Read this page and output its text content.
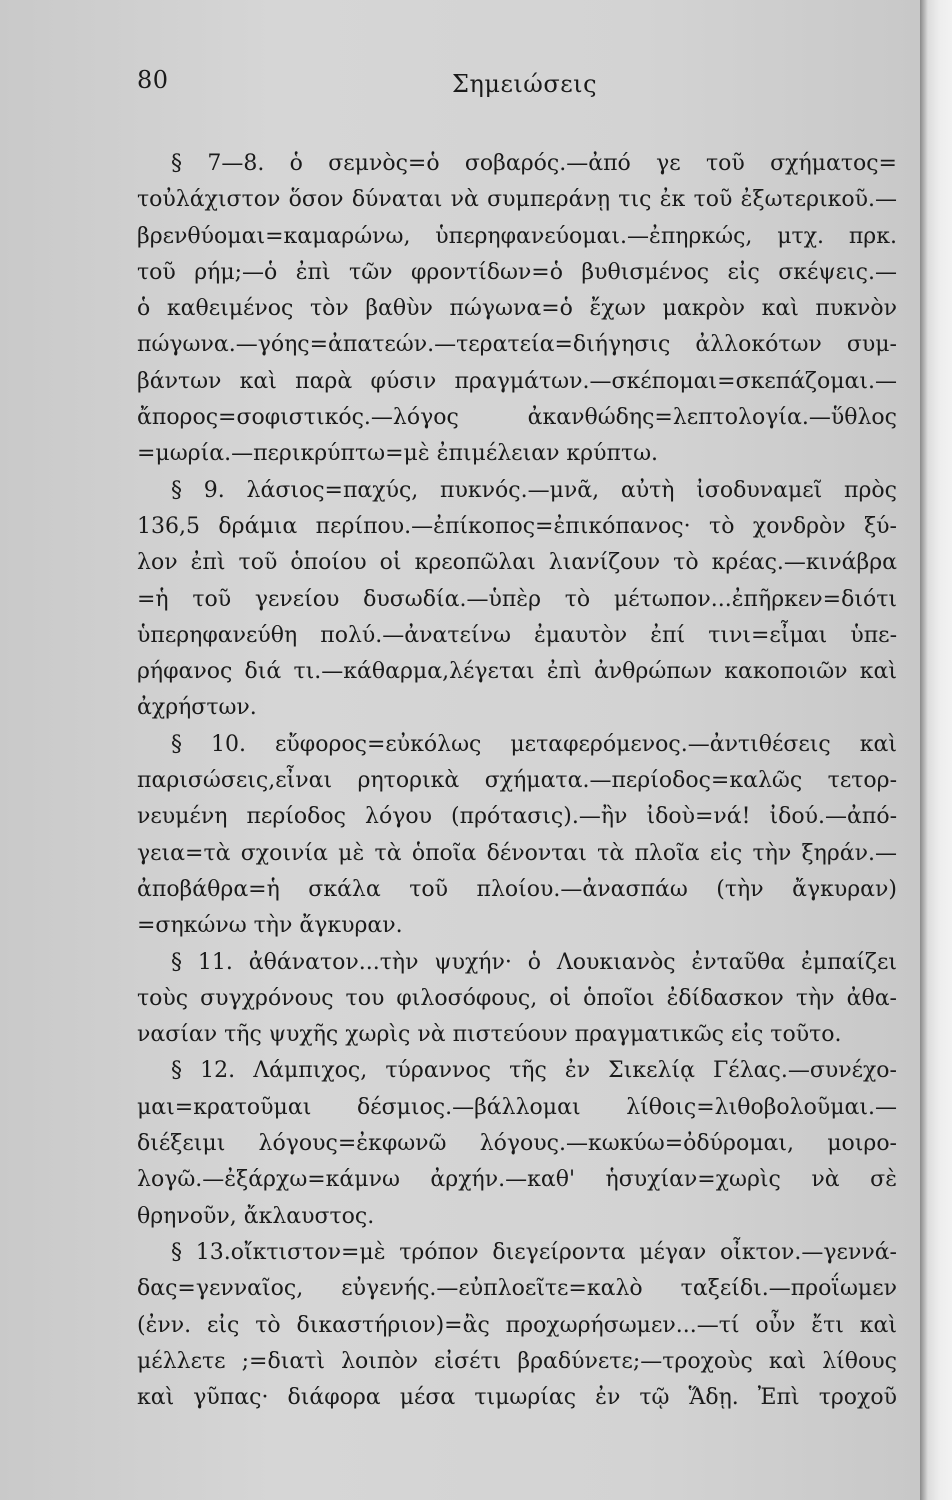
80	Σημειώσεις
§ 7—8. ὁ σεμνὸς=ὁ σοβαρός.—ἀπό γε τοῦ σχήματος=
τοὐλάχιστον ὅσον δύναται νὰ συμπεράνῃ τις ἐκ τοῦ ἐξωτερικοῦ.—
βρενθύομαι=καμαρώνω, ὑπερηφανεύομαι.—ἐπηρκώς, μτχ. πρκ.
τοῦ ρήμ;—ὁ ἐπὶ τῶν φροντίδων=ὁ βυθισμένος εἰς σκέψεις.—
ὁ καθειμένος τὸν βαθὺν πώγωνα=ὁ ἔχων μακρὸν καὶ πυκνὸν
πώγωνα.—γόης=ἀπατεών.—τερατεία=διήγησις ἀλλοκότων συμ-
βάντων καὶ παρὰ φύσιν πραγμάτων.—σκέπομαι=σκεπάζομαι.—
ἄπορος=σοφιστικός.—λόγος ἀκανθώδης=λεπτολογία.—ὕθλος
=μωρία.—περικρύπτω=μὲ ἐπιμέλειαν κρύπτω.
§ 9. λάσιος=παχύς, πυκνός.—μνᾶ, αὐτὴ ἰσοδυναμεῖ πρὸς
136,5 δράμια περίπου.—ἐπίκοπος=ἐπικόπανος· τὸ χονδρὸν ξύ-
λον ἐπὶ τοῦ ὁποίου οἱ κρεοπῶλαι λιανίζουν τὸ κρέας.—κινάβρα
=ἡ τοῦ γενείου δυσωδία.—ὑπὲρ τὸ μέτωπον...ἐπῆρκεν=διότι
ὑπερηφανεύθη πολύ.—ἀνατείνω ἐμαυτὸν ἐπί τινι=εἶμαι ὑπε-
ρήφανος διά τι.—κάθαρμα,λέγεται ἐπὶ ἀνθρώπων κακοποιῶν καὶ
ἀχρήστων.
§ 10. εὔφορος=εὐκόλως μεταφερόμενος.—ἀντιθέσεις καὶ
παρισώσεις,εἶναι ρητορικὰ σχήματα.—περίοδος=καλῶς τετορ-
νευμένη περίοδος λόγου (πρότασις).—ἢν ἰδοὺ=νά! ἰδού.—ἀπό-
γεια=τὰ σχοινία μὲ τὰ ὁποῖα δένονται τὰ πλοῖα εἰς τὴν ξηράν.—
ἀποβάθρα=ἡ σκάλα τοῦ πλοίου.—ἀνασπάω (τὴν ἄγκυραν)
=σηκώνω τὴν ἄγκυραν.
§ 11. ἀθάνατον...τὴν ψυχήν· ὁ Λουκιανὸς ἐνταῦθα ἐμπαίζει
τοὺς συγχρόνους του φιλοσόφους, οἱ ὁποῖοι ἐδίδασκον τὴν ἀθα-
νασίαν τῆς ψυχῆς χωρὶς νὰ πιστεύουν πραγματικῶς εἰς τοῦτο.
§ 12. Λάμπιχος, τύραννος τῆς ἐν Σικελίᾳ Γέλας.—συνέχο-
μαι=κρατοῦμαι δέσμιος.—βάλλομαι λίθοις=λιθοβολοῦμαι.—
διέξειμι λόγους=ἐκφωνῶ λόγους.—κωκύω=ὀδύρομαι, μοιρο-
λογῶ.—ἐξάρχω=κάμνω ἀρχήν.—καθ' ἡσυχίαν=χωρὶς νὰ σὲ
θρηνοῦν, ἄκλαυστος.
§ 13.οἴκτιστον=μὲ τρόπον διεγείροντα μέγαν οἶκτον.—γεννά-
δας=γενναῖος, εὐγενής.—εὐπλοεῖτε=καλὸ ταξείδι.—προΐωμεν
(ἐνν. εἰς τὸ δικαστήριον)=ἂς προχωρήσωμεν...—τί οὖν ἔτι καὶ
μέλλετε ;=διατὶ λοιπὸν εἰσέτι βραδύνετε;—τροχοὺς καὶ λίθους
καὶ γῦπας· διάφορα μέσα τιμωρίας ἐν τῷ Ἅδῃ. Ἐπὶ τροχοῦ
